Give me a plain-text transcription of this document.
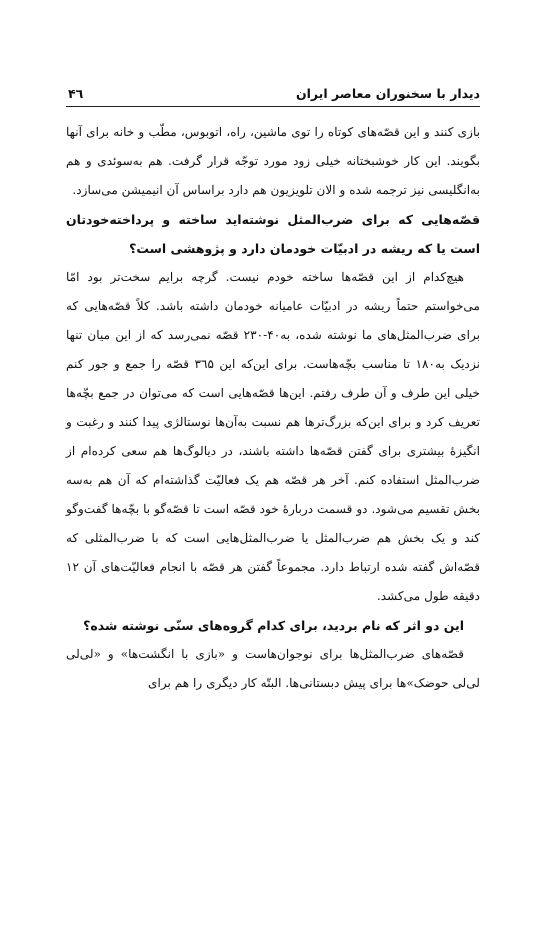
دیدار با سخنوران معاصر ایران
۴٦

بازی کنند و این قصّه‌های کوتاه را توی ماشین، راه، اتوبوس، مطّب و خانه برای آنها بگویند. این کار خوشبختانه خیلی زود مورد توجّه قرار گرفت. هم به‌سوئدی و هم به‌انگلیسی نیز ترجمه شده و الان تلویزیون هم دارد براساس آن انیمیشن می‌سازد.

قصّه‌هایی که برای ضرب‌المثل نوشته‌اید ساخته و پرداخته‌خودتان است یا که ریشه در ادبیّات خودمان دارد و پژوهشی است؟

هیچ‌کدام از این قصّه‌ها ساخته خودم نیست. گرچه برایم سخت‌تر بود امّا می‌خواستم حتماً ریشه در ادبیّات عامیانه خودمان داشته باشد. کلاً قصّه‌هایی که برای ضرب‌المثل‌های ما نوشته شده، به۴۰-۲۳۰ قصّه نمی‌رسد که از این میان تنها نزدیک به۱۸۰ تا مناسب بچّه‌هاست. برای این‌که این ۳٦۵ قصّه را جمع و جور کنم خیلی این طرف و آن طرف رفتم. این‌ها قصّه‌هایی است که می‌توان در جمع بچّه‌ها تعریف کرد و برای این‌که بزرگ‌ترها هم نسبت به‌آن‌ها نوستالژی پیدا کنند و رغبت و انگیزهٔ بیشتری برای گفتن قصّه‌ها داشته باشند، در دیالوگ‌ها هم سعی کرده‌ام از ضرب‌المثل استفاده کنم. آخر هر قصّه هم یک فعالیّت گذاشته‌ام که آن هم به‌سه بخش تقسیم می‌شود. دو قسمت دربارهٔ خود قصّه است تا قصّه‌گو با بچّه‌ها گفت‌وگو کند و یک بخش هم ضرب‌المثل یا ضرب‌المثل‌هایی است که با ضرب‌المثلی که قصّه‌اش گفته شده ارتباط دارد. مجموعاً گفتن هر قصّه با انجام فعالیّت‌های آن ۱۲ دقیقه طول می‌کشد.

این دو اثر که نام بردید، برای کدام گروه‌های سنّی نوشته شده؟

قصّه‌های ضرب‌المثل‌ها برای نوجوان‌هاست و «بازی با انگشت‌ها» و «لی‌لی لی‌لی حوضک»‌ها برای پیش دبستانی‌ها. البتّه کار دیگری را هم برای
